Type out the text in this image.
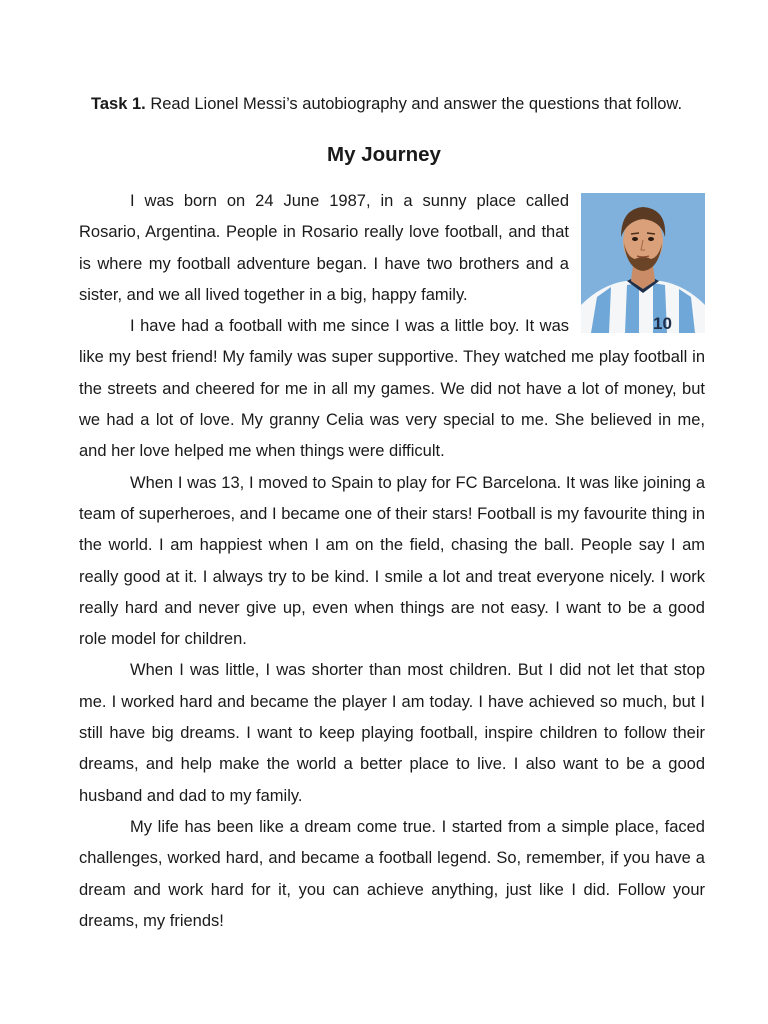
Task 1. Read Lionel Messi’s autobiography and answer the questions that follow.

My Journey
10

I was born on 24 June 1987, in a sunny place called Rosario, Argentina. People in Rosario really love football, and that is where my football adventure began. I have two brothers and a sister, and we all lived together in a big, happy family.

I have had a football with me since I was a little boy. It was like my best friend! My family was super supportive. They watched me play football in the streets and cheered for me in all my games. We did not have a lot of money, but we had a lot of love. My granny Celia was very special to me. She believed in me, and her love helped me when things were difficult.

When I was 13, I moved to Spain to play for FC Barcelona. It was like joining a team of superheroes, and I became one of their stars! Football is my favourite thing in the world. I am happiest when I am on the field, chasing the ball. People say I am really good at it. I always try to be kind. I smile a lot and treat everyone nicely. I work really hard and never give up, even when things are not easy. I want to be a good role model for children.

When I was little, I was shorter than most children. But I did not let that stop me. I worked hard and became the player I am today. I have achieved so much, but I still have big dreams. I want to keep playing football, inspire children to follow their dreams, and help make the world a better place to live. I also want to be a good husband and dad to my family.

My life has been like a dream come true. I started from a simple place, faced challenges, worked hard, and became a football legend. So, remember, if you have a dream and work hard for it, you can achieve anything, just like I did. Follow your dreams, my friends!
